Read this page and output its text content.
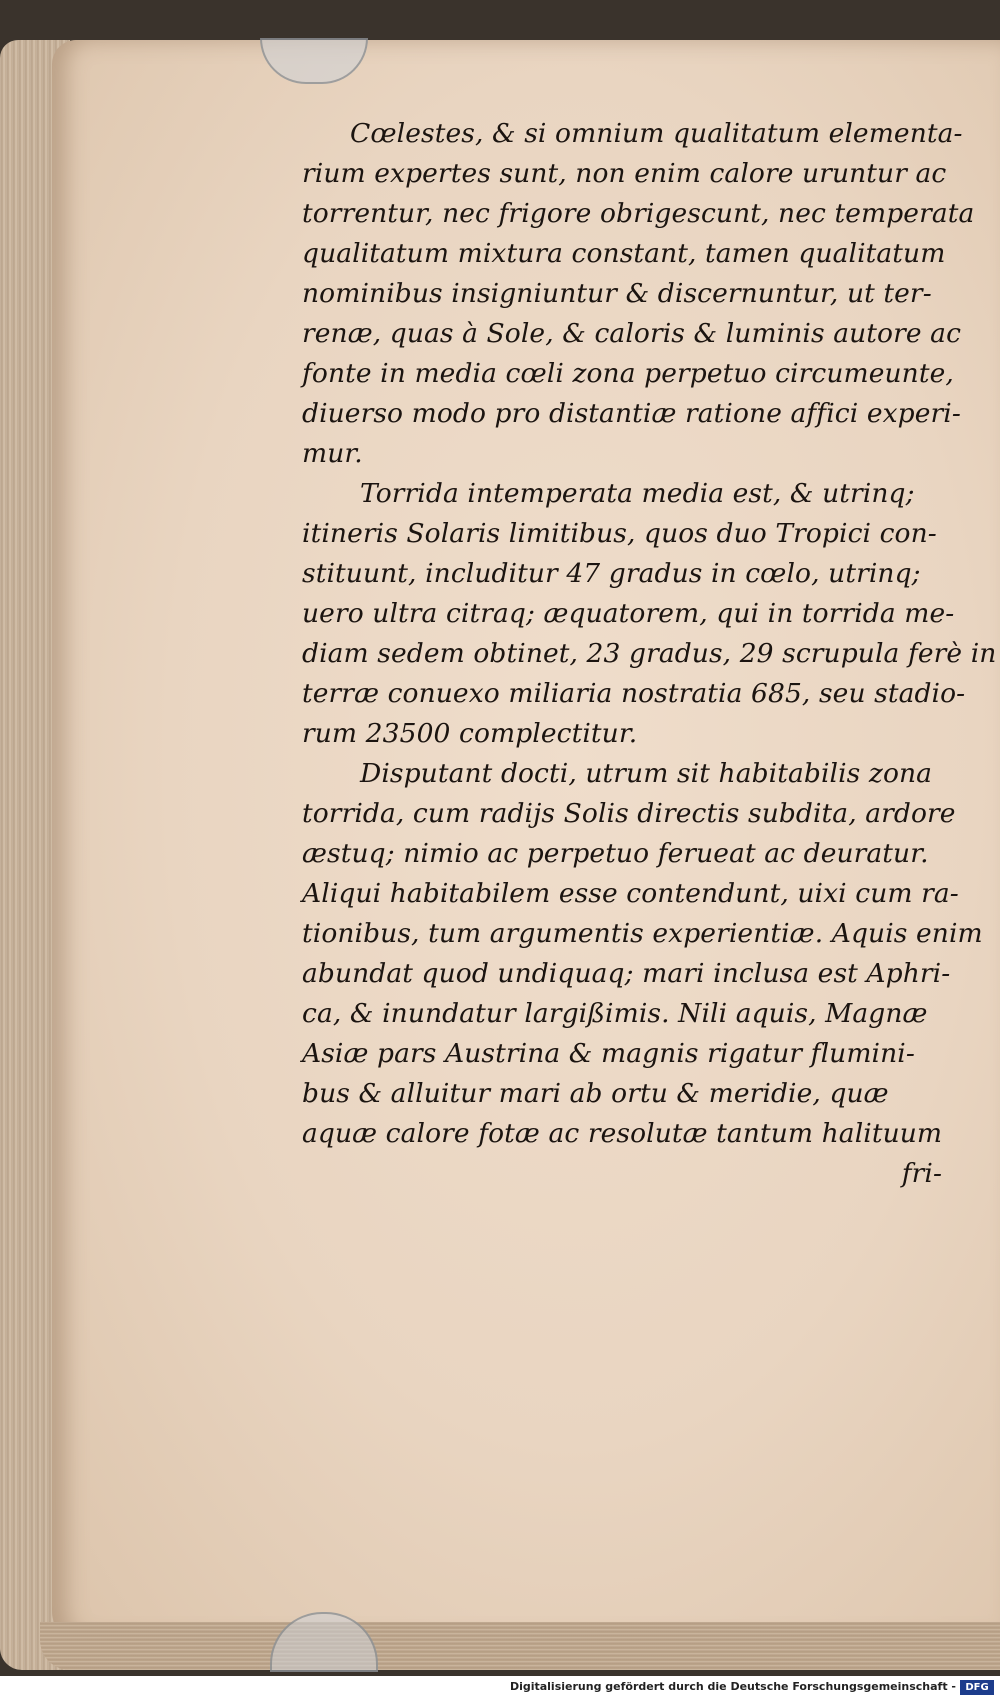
Cœlestes, & si omnium qualitatum elementa-
rium expertes sunt, non enim calore uruntur ac
torrentur, nec frigore obrigescunt, nec temperata
qualitatum mixtura constant, tamen qualitatum
nominibus insigniuntur & discernuntur, ut ter-
renæ, quas à Sole, & caloris & luminis autore ac
fonte in media cœli zona perpetuo circumeunte,
diuerso modo pro distantiæ ratione affici experi-
mur.
Torrida intemperata media est, & utrinq;
itineris Solaris limitibus, quos duo Tropici con-
stituunt, includitur 47 gradus in cœlo, utrinq;
uero ultra citraq; æquatorem, qui in torrida me-
diam sedem obtinet, 23 gradus, 29 scrupula ferè in
terræ conuexo miliaria nostratia 685, seu stadio-
rum 23500 complectitur.
Disputant docti, utrum sit habitabilis zona
torrida, cum radijs Solis directis subdita, ardore
æstuq; nimio ac perpetuo ferueat ac deuratur.
Aliqui habitabilem esse contendunt, uixi cum ra-
tionibus, tum argumentis experientiæ. Aquis enim
abundat quod undiquaq; mari inclusa est Aphri-
ca, & inundatur largißimis. Nili aquis, Magnæ
Asiæ pars Austrina & magnis rigatur flumini-
bus & alluitur mari ab ortu & meridie, quæ
aquæ calore fotæ ac resolutæ tantum halituum
fri-
Digitalisierung gefördert durch die Deutsche Forschungsgemeinschaft - DFG
